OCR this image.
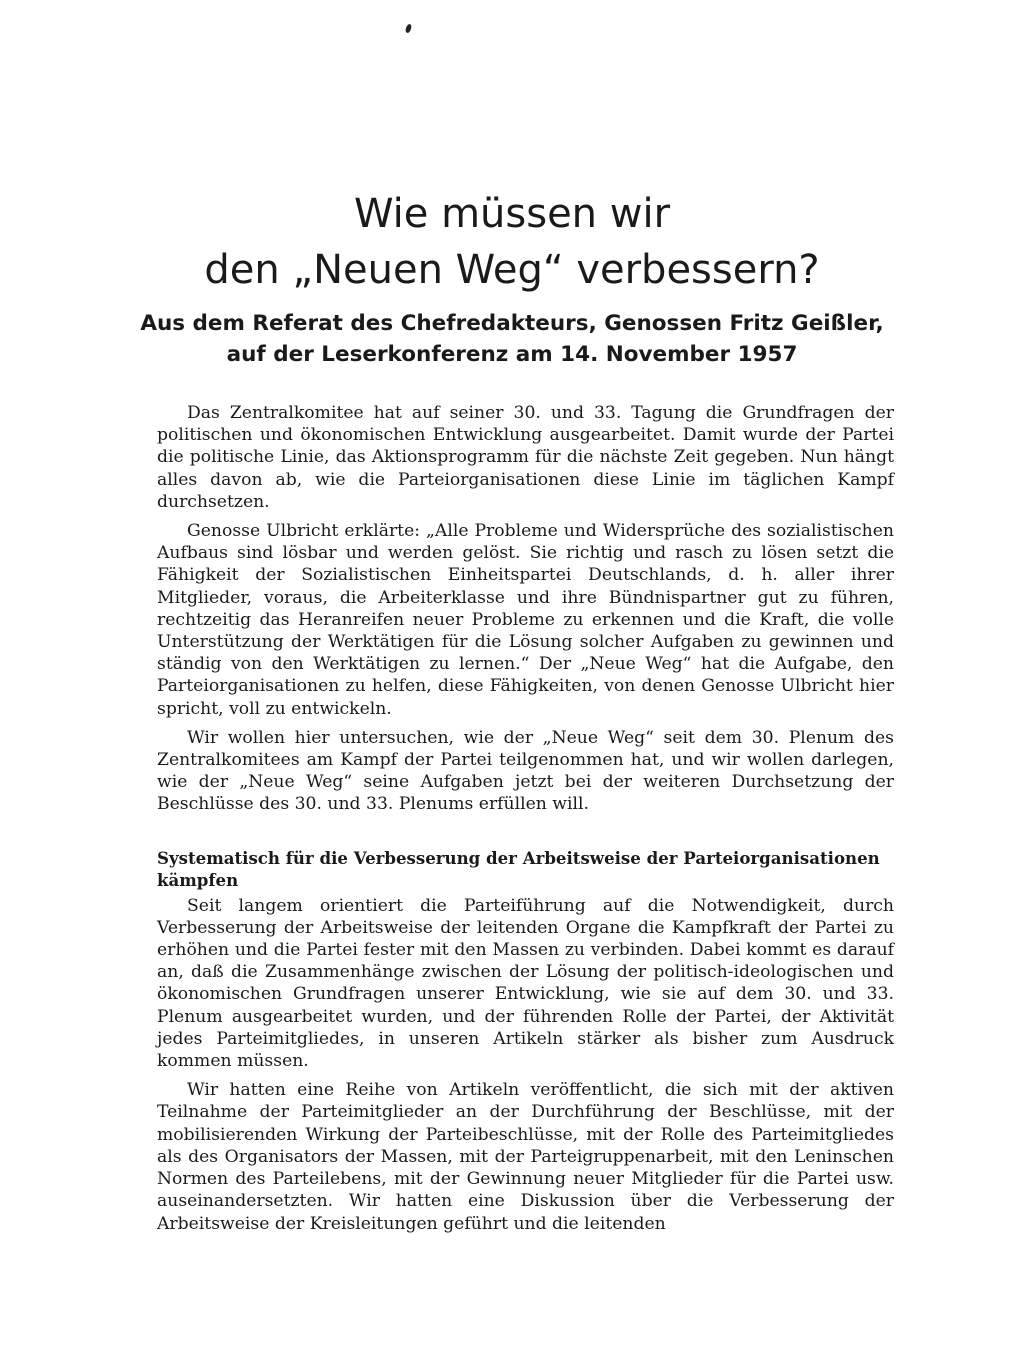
Wie müssen wir
den „Neuen Weg“ verbessern?
Aus dem Referat des Chefredakteurs, Genossen Fritz Geißler,
auf der Leserkonferenz am 14. November 1957

Das Zentralkomitee hat auf seiner 30. und 33. Tagung die Grundfragen der politischen und ökonomischen Entwicklung ausgearbeitet. Damit wurde der Partei die politische Linie, das Aktionsprogramm für die nächste Zeit gegeben. Nun hängt alles davon ab, wie die Parteiorganisationen diese Linie im täglichen Kampf durchsetzen.

Genosse Ulbricht erklärte: „Alle Probleme und Widersprüche des sozialistischen Aufbaus sind lösbar und werden gelöst. Sie richtig und rasch zu lösen setzt die Fähigkeit der Sozialistischen Einheitspartei Deutschlands, d. h. aller ihrer Mitglieder, voraus, die Arbeiterklasse und ihre Bündnispartner gut zu führen, rechtzeitig das Heranreifen neuer Probleme zu erkennen und die Kraft, die volle Unterstützung der Werktätigen für die Lösung solcher Aufgaben zu gewinnen und ständig von den Werktätigen zu lernen.“ Der „Neue Weg“ hat die Aufgabe, den Parteiorganisationen zu helfen, diese Fähigkeiten, von denen Genosse Ulbricht hier spricht, voll zu entwickeln.

Wir wollen hier untersuchen, wie der „Neue Weg“ seit dem 30. Plenum des Zentralkomitees am Kampf der Partei teilgenommen hat, und wir wollen darlegen, wie der „Neue Weg“ seine Aufgaben jetzt bei der weiteren Durchsetzung der Beschlüsse des 30. und 33. Plenums erfüllen will.

Systematisch für die Verbesserung der Arbeitsweise der Parteiorganisationen kämpfen

Seit langem orientiert die Parteiführung auf die Notwendigkeit, durch Verbesserung der Arbeitsweise der leitenden Organe die Kampfkraft der Partei zu erhöhen und die Partei fester mit den Massen zu verbinden. Dabei kommt es darauf an, daß die Zusammenhänge zwischen der Lösung der politisch-ideologischen und ökonomischen Grundfragen unserer Entwicklung, wie sie auf dem 30. und 33. Plenum ausgearbeitet wurden, und der führenden Rolle der Partei, der Aktivität jedes Parteimitgliedes, in unseren Artikeln stärker als bisher zum Ausdruck kommen müssen.

Wir hatten eine Reihe von Artikeln veröffentlicht, die sich mit der aktiven Teilnahme der Parteimitglieder an der Durchführung der Beschlüsse, mit der mobilisierenden Wirkung der Parteibeschlüsse, mit der Rolle des Parteimitgliedes als des Organisators der Massen, mit der Parteigruppenarbeit, mit den Leninschen Normen des Parteilebens, mit der Gewinnung neuer Mitglieder für die Partei usw. auseinandersetzten. Wir hatten eine Diskussion über die Verbesserung der Arbeitsweise der Kreisleitungen geführt und die leitenden
